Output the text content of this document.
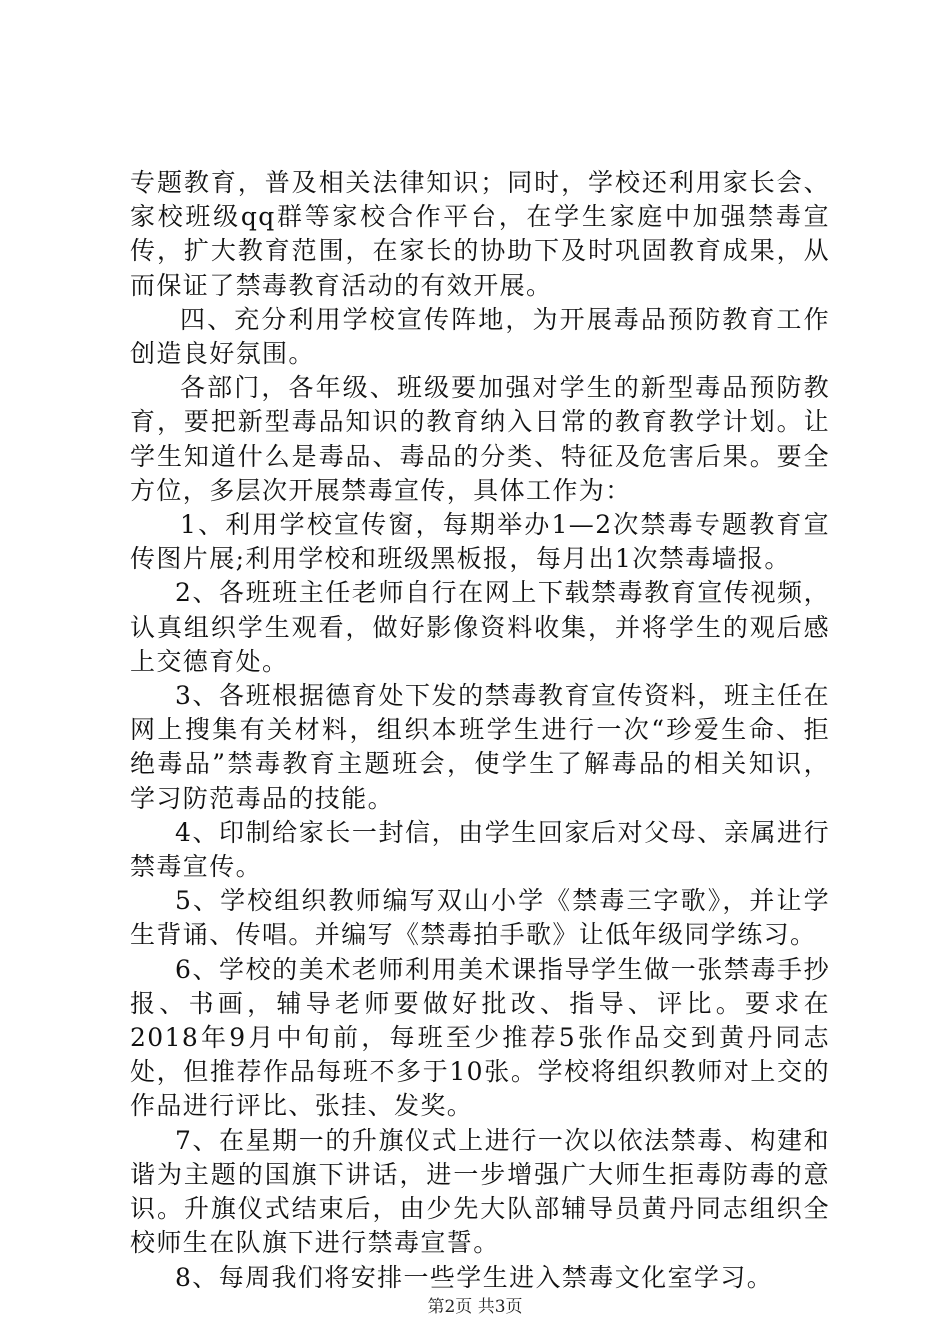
专题教育，普及相关法律知识；同时，学校还利用家长会、家校班级qq群等家校合作平台，在学生家庭中加强禁毒宣传，扩大教育范围，在家长的协助下及时巩固教育成果，从而保证了禁毒教育活动的有效开展。

四、充分利用学校宣传阵地，为开展毒品预防教育工作创造良好氛围。

各部门，各年级、班级要加强对学生的新型毒品预防教育，要把新型毒品知识的教育纳入日常的教育教学计划。让学生知道什么是毒品、毒品的分类、特征及危害后果。要全方位，多层次开展禁毒宣传，具体工作为：

1、利用学校宣传窗，每期举办1—2次禁毒专题教育宣传图片展;利用学校和班级黑板报，每月出1次禁毒墙报。

2、各班班主任老师自行在网上下载禁毒教育宣传视频，认真组织学生观看，做好影像资料收集，并将学生的观后感上交德育处。

3、各班根据德育处下发的禁毒教育宣传资料，班主任在网上搜集有关材料，组织本班学生进行一次“珍爱生命、拒绝毒品”禁毒教育主题班会，使学生了解毒品的相关知识，学习防范毒品的技能。

4、印制给家长一封信，由学生回家后对父母、亲属进行禁毒宣传。

5、学校组织教师编写双山小学《禁毒三字歌》，并让学生背诵、传唱。并编写《禁毒拍手歌》让低年级同学练习。

6、学校的美术老师利用美术课指导学生做一张禁毒手抄报、书画，辅导老师要做好批改、指导、评比。要求在2018年9月中旬前，每班至少推荐5张作品交到黄丹同志处，但推荐作品每班不多于10张。学校将组织教师对上交的作品进行评比、张挂、发奖。

7、在星期一的升旗仪式上进行一次以依法禁毒、构建和谐为主题的国旗下讲话，进一步增强广大师生拒毒防毒的意识。升旗仪式结束后，由少先大队部辅导员黄丹同志组织全校师生在队旗下进行禁毒宣誓。

8、每周我们将安排一些学生进入禁毒文化室学习。

第2页 共3页
